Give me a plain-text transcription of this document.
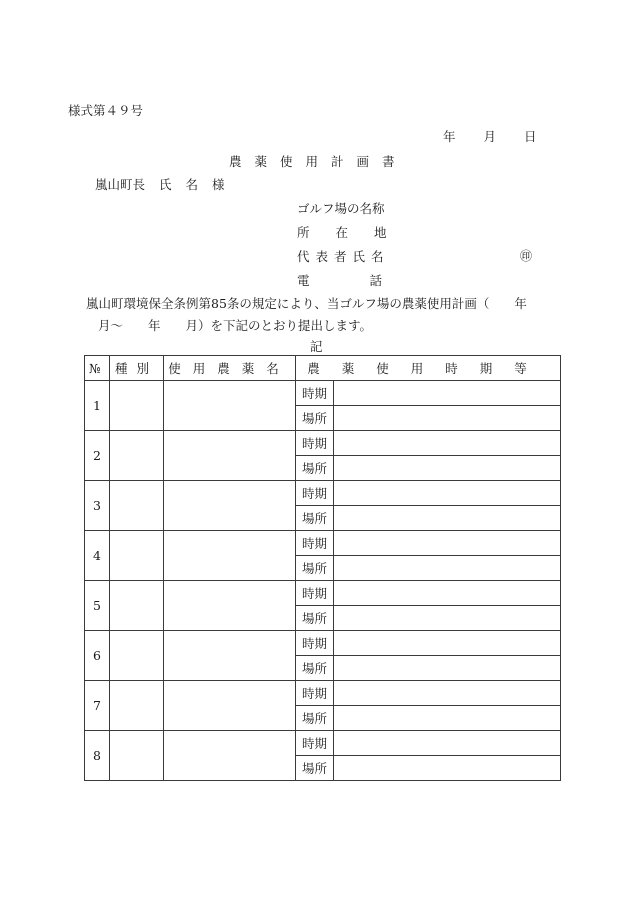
様式第４９号
年 月 日
農薬使用計画書
嵐山町長 氏名様
ゴルフ場の名称
所在地
代表者氏名	㊞
電話
嵐山町環境保全条例第85条の規定により、当ゴルフ場の農薬使用計画（　　年
月～　　年　　月）を下記のとおり提出します。
記
№	種別	使用農薬名	農薬使用時期等	
1			時期	
			場所	
2			時期	
			場所	
3			時期	
			場所	
4			時期	
			場所	
5			時期	
			場所	
6			時期	
			場所	
7			時期	
			場所	
8			時期	
			場所	
